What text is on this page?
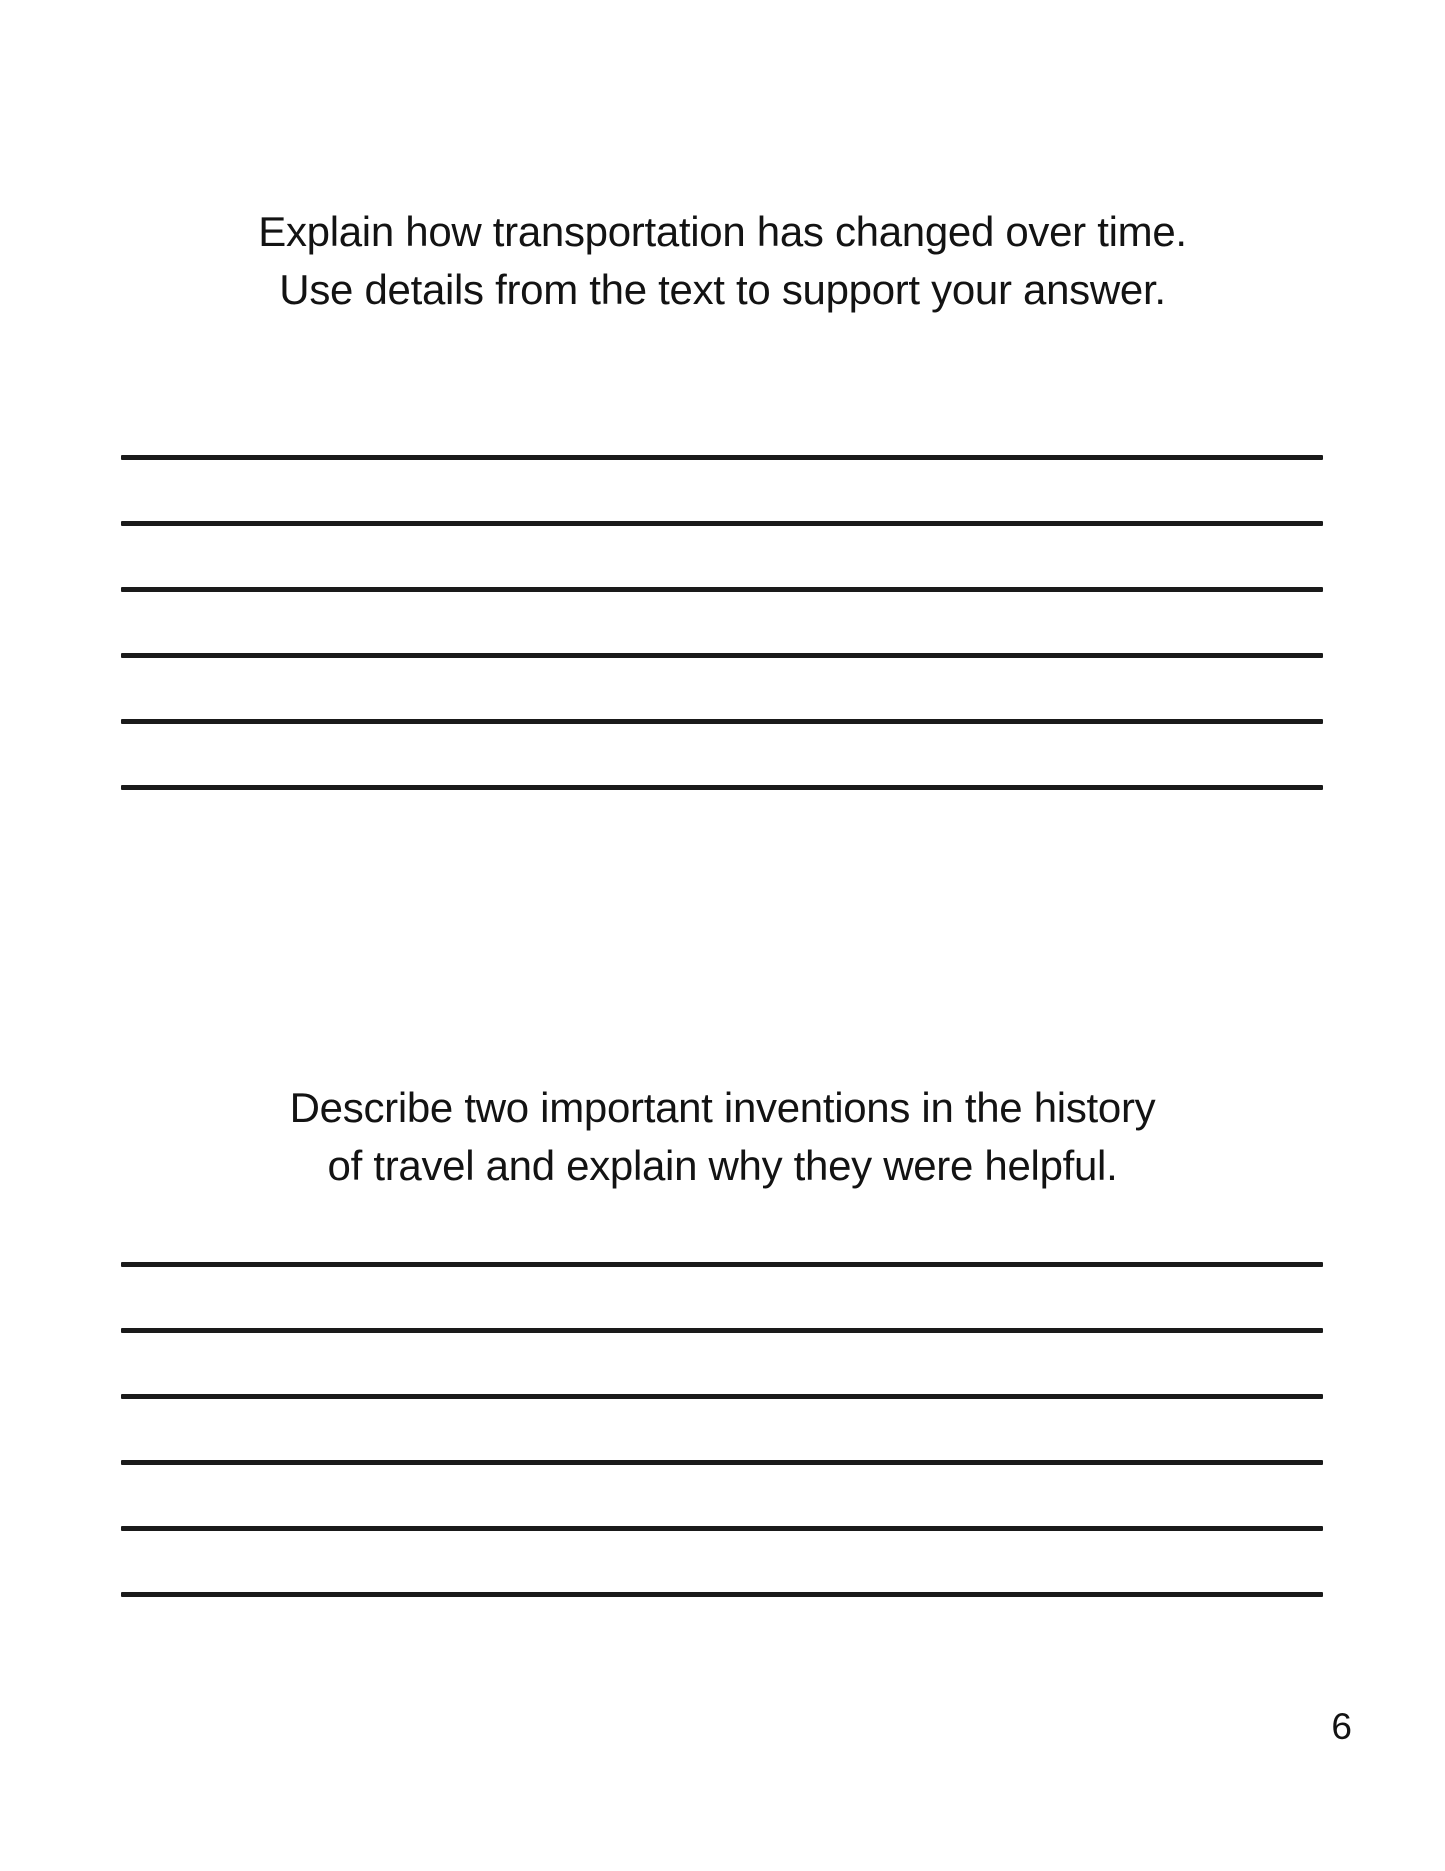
Explain how transportation has changed over time.
Use details from the text to support your answer.
Describe two important inventions in the history
of travel and explain why they were helpful.
6
